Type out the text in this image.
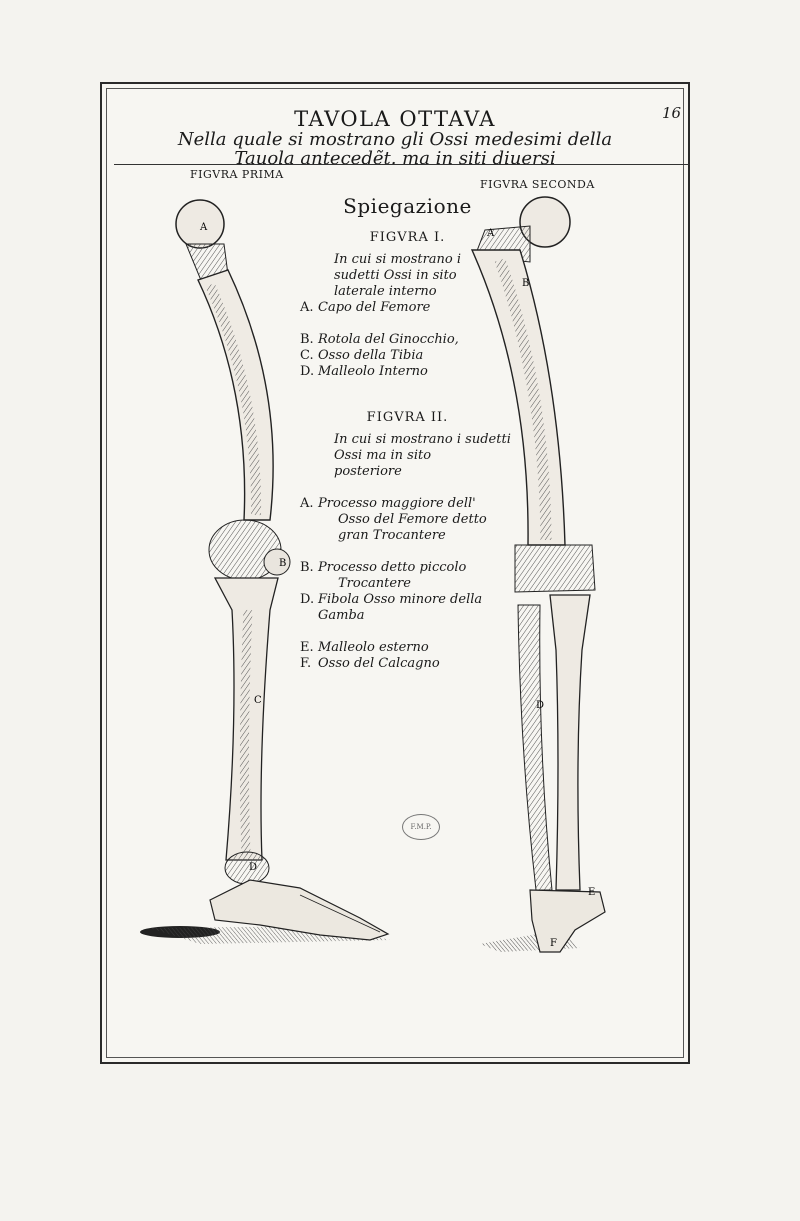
16
TAVOLA OTTAVA
Nella quale si mostrano gli Ossi medesimi della
Tauola antecedẽt. ma in siti diuersi
FIGVRA PRIMA
FIGVRA SECONDA
A
B
C
D
A
B
D
E
F
Spiegazione
FIGVRA I.
In cui si mostrano i
sudetti Ossi in sito
laterale interno
A. Capo del Femore
B. Rotola del Ginocchio,
C. Osso della Tibia
D. Malleolo Interno
FIGVRA II.
In cui si mostrano i sudetti
Ossi ma in sito
posteriore
A. Processo maggiore dell'
Osso del Femore detto
gran Trocantere
B. Processo detto piccolo
Trocantere
D. Fibola Osso minore della
Gamba
E. Malleolo esterno
F. Osso del Calcagno
F.M.P.
